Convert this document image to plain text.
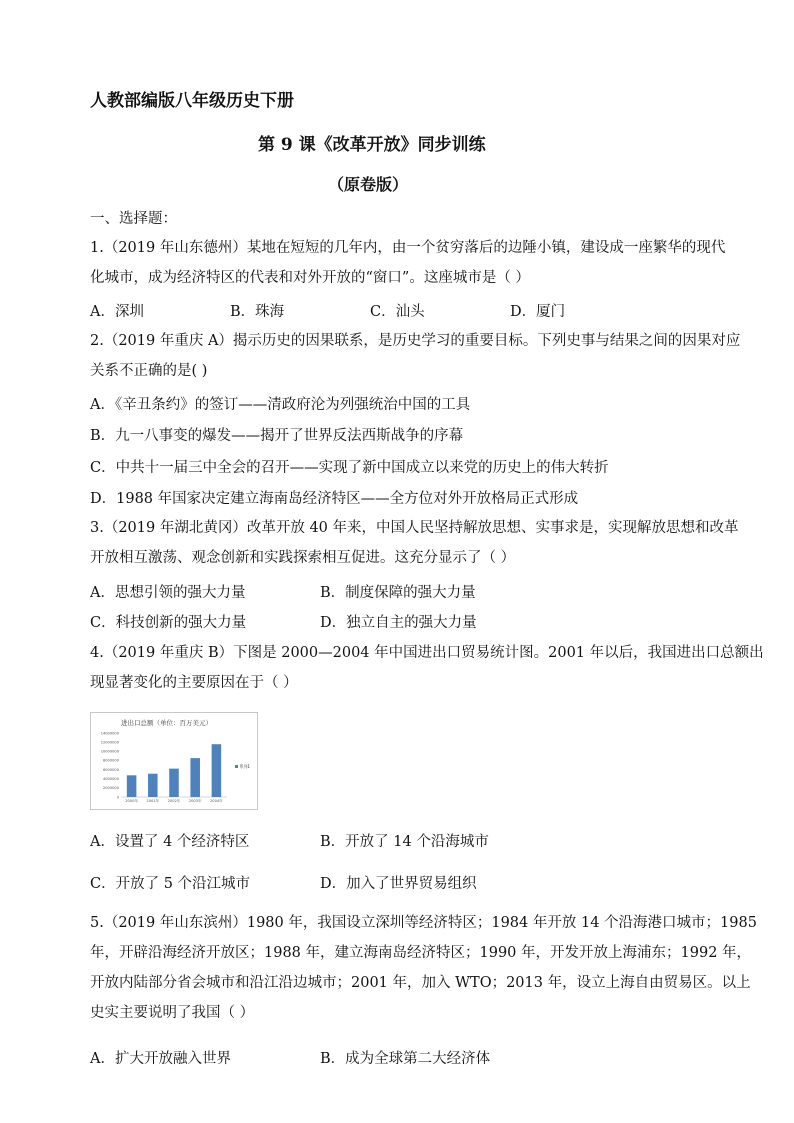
人教部编版八年级历史下册
第 9 课《改革开放》同步训练
（原卷版）
一、选择题：
1.（2019 年山东德州）某地在短短的几年内，由一个贫穷落后的边陲小镇，建设成一座繁华的现代
化城市，成为经济特区的代表和对外开放的“窗口”。这座城市是（ ）
A．深圳	B．珠海	C．汕头	D．厦门
2.（2019 年重庆 A）揭示历史的因果联系，是历史学习的重要目标。下列史事与结果之间的因果对应
关系不正确的是( )
A．《辛丑条约》的签订——清政府沦为列强统治中国的工具
B．九一八事变的爆发——揭开了世界反法西斯战争的序幕
C．中共十一届三中全会的召开——实现了新中国成立以来党的历史上的伟大转折
D．1988 年国家决定建立海南岛经济特区——全方位对外开放格局正式形成
3.（2019 年湖北黄冈）改革开放 40 年来，中国人民坚持解放思想、实事求是，实现解放思想和改革
开放相互激荡、观念创新和实践探索相互促进。这充分显示了（ ）
A．思想引领的强大力量	B．制度保障的强大力量
C．科技创新的强大力量	D．独立自主的强大力量
4.（2019 年重庆 B）下图是 2000—2004 年中国进出口贸易统计图。2001 年以后，我国进出口总额出
现显著变化的主要原因在于（ ）
进出口总额（单位：百万美元）
14000000
12000000
10000000
8000000
6000000
4000000
2000000
0
2000年 2001年 2002年 2003年 2004年
系列1
A．设置了 4 个经济特区	B．开放了 14 个沿海城市
C．开放了 5 个沿江城市	D．加入了世界贸易组织
5.（2019 年山东滨州）1980 年，我国设立深圳等经济特区；1984 年开放 14 个沿海港口城市；1985
年，开辟沿海经济开放区；1988 年，建立海南岛经济特区；1990 年，开发开放上海浦东；1992 年，
开放内陆部分省会城市和沿江沿边城市；2001 年，加入 WTO；2013 年，设立上海自由贸易区。以上
史实主要说明了我国（ ）
A．扩大开放融入世界	B．成为全球第二大经济体
